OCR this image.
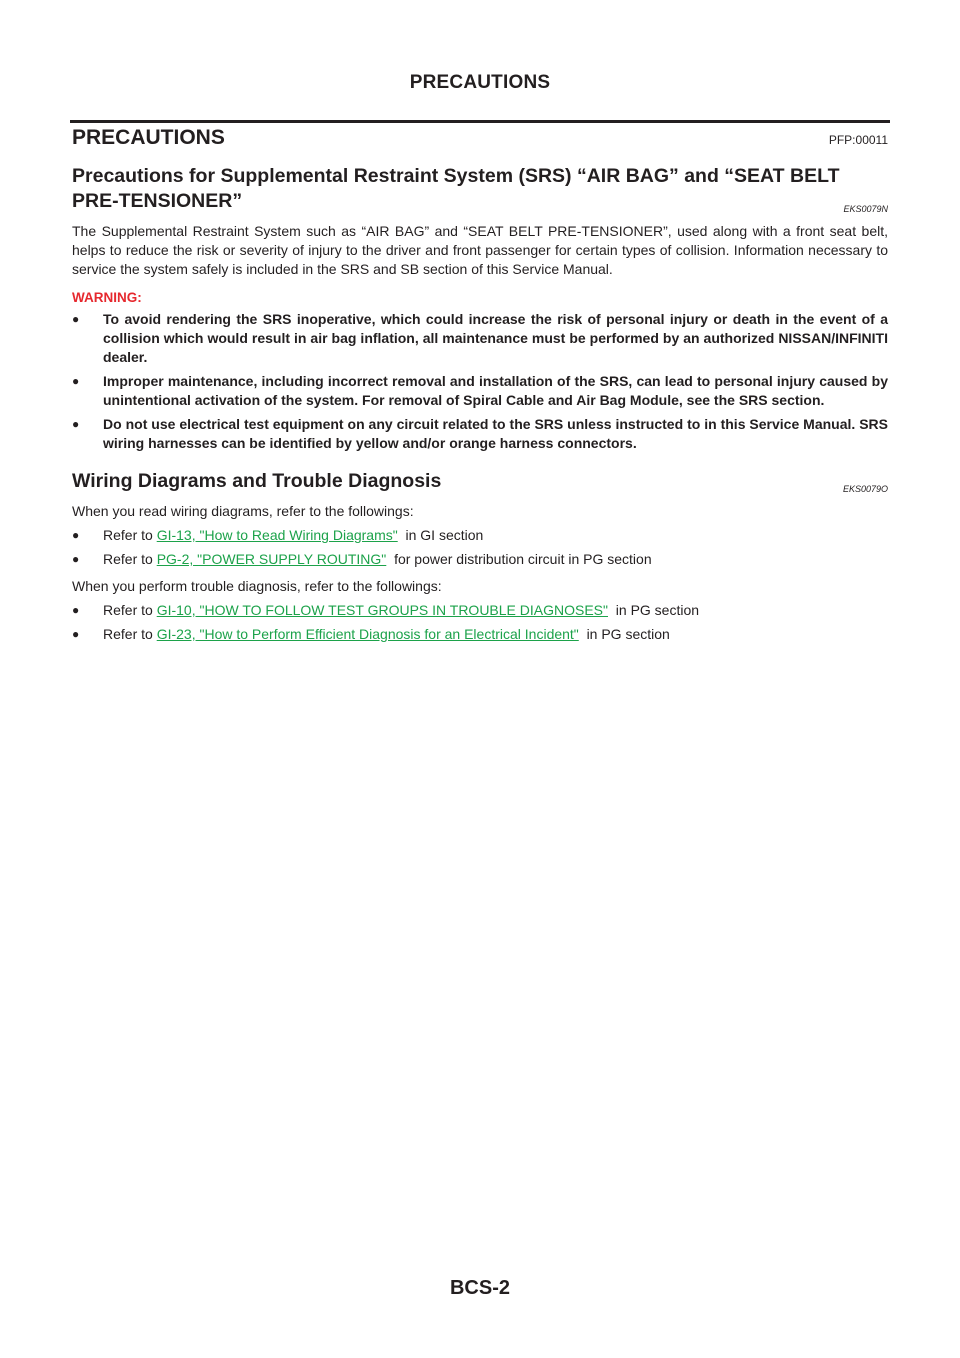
PRECAUTIONS
PRECAUTIONS	PFP:00011
Precautions for Supplemental Restraint System (SRS) “AIR BAG” and “SEAT BELT PRE-TENSIONER”	EKS0079N

The Supplemental Restraint System such as “AIR BAG” and “SEAT BELT PRE-TENSIONER”, used along with a front seat belt, helps to reduce the risk or severity of injury to the driver and front passenger for certain types of collision. Information necessary to service the system safely is included in the SRS and SB section of this Service Manual.

WARNING:
●	To avoid rendering the SRS inoperative, which could increase the risk of personal injury or death in the event of a collision which would result in air bag inflation, all maintenance must be performed by an authorized NISSAN/INFINITI dealer.
●	Improper maintenance, including incorrect removal and installation of the SRS, can lead to personal injury caused by unintentional activation of the system. For removal of Spiral Cable and Air Bag Module, see the SRS section.
●	Do not use electrical test equipment on any circuit related to the SRS unless instructed to in this Service Manual. SRS wiring harnesses can be identified by yellow and/or orange harness connectors.
Wiring Diagrams and Trouble Diagnosis	EKS0079O

When you read wiring diagrams, refer to the followings:

●	Refer to GI-13, "How to Read Wiring Diagrams" in GI section
●	Refer to PG-2, "POWER SUPPLY ROUTING" for power distribution circuit in PG section

When you perform trouble diagnosis, refer to the followings:

●	Refer to GI-10, "HOW TO FOLLOW TEST GROUPS IN TROUBLE DIAGNOSES" in PG section
●	Refer to GI-23, "How to Perform Efficient Diagnosis for an Electrical Incident" in PG section
BCS-2
